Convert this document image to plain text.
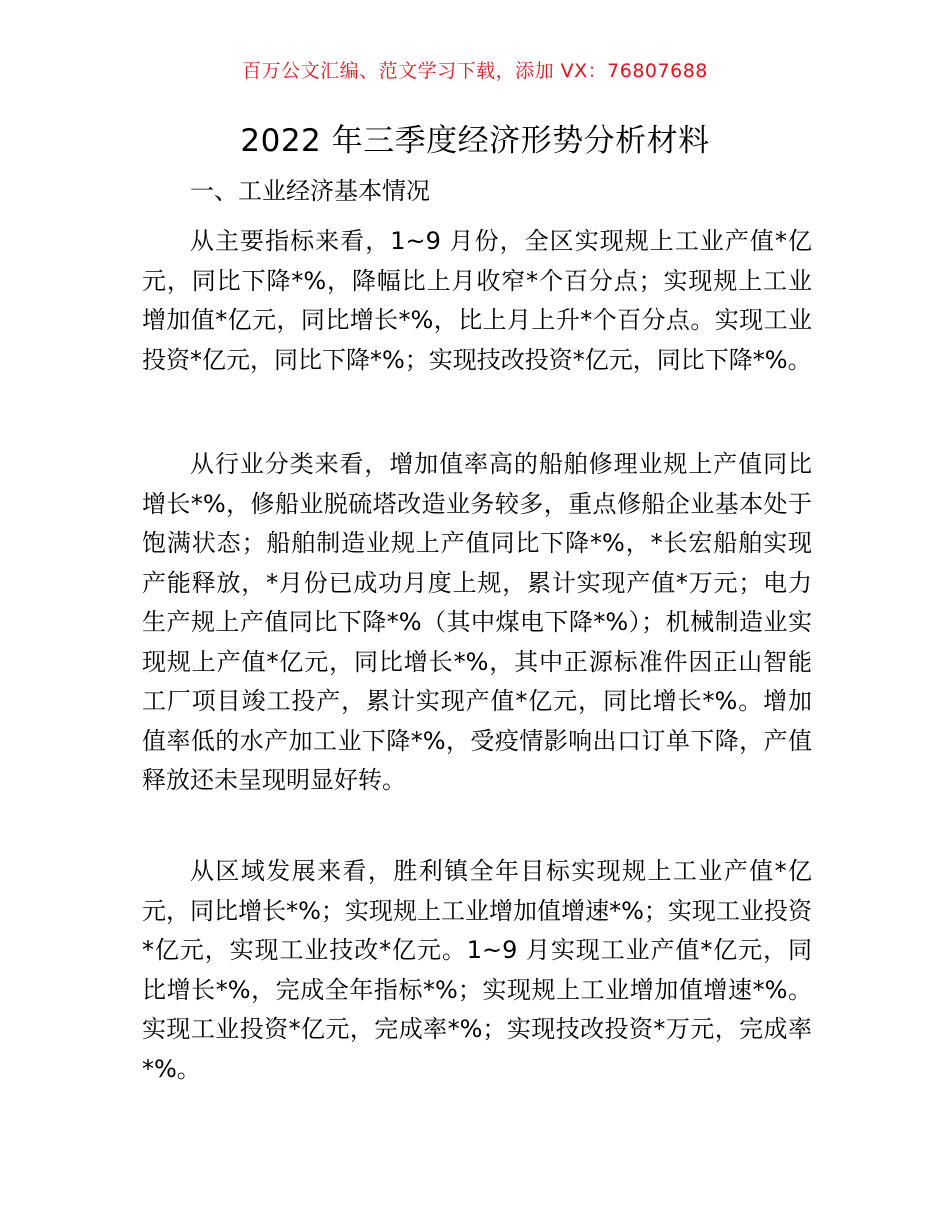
百万公文汇编、范文学习下载，添加 VX：76807688
2022 年三季度经济形势分析材料
一、工业经济基本情况

从主要指标来看，1~9 月份，全区实现规上工业产值*亿元，同比下降*%，降幅比上月收窄*个百分点；实现规上工业增加值*亿元，同比增长*%，比上月上升*个百分点。实现工业投资*亿元，同比下降*%；实现技改投资*亿元，同比下降*%。

从行业分类来看，增加值率高的船舶修理业规上产值同比增长*%，修船业脱硫塔改造业务较多，重点修船企业基本处于饱满状态；船舶制造业规上产值同比下降*%，*长宏船舶实现产能释放，*月份已成功月度上规，累计实现产值*万元；电力生产规上产值同比下降*%（其中煤电下降*%）；机械制造业实现规上产值*亿元，同比增长*%，其中正源标准件因正山智能工厂项目竣工投产，累计实现产值*亿元，同比增长*%。增加值率低的水产加工业下降*%，受疫情影响出口订单下降，产值释放还未呈现明显好转。

从区域发展来看，胜利镇全年目标实现规上工业产值*亿元，同比增长*%；实现规上工业增加值增速*%；实现工业投资*亿元，实现工业技改*亿元。1~9 月实现工业产值*亿元，同比增长*%，完成全年指标*%；实现规上工业增加值增速*%。实现工业投资*亿元，完成率*%；实现技改投资*万元，完成率*%。
